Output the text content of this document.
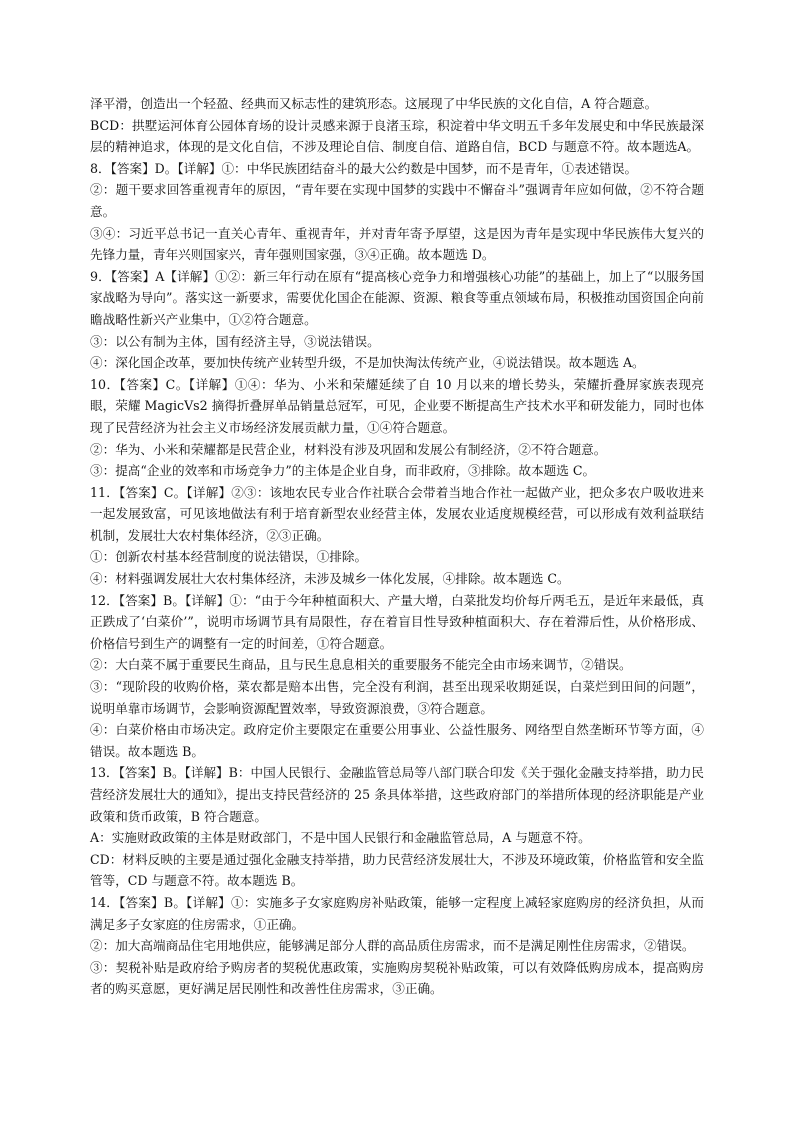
泽平滑，创造出一个轻盈、经典而又标志性的建筑形态。这展现了中华民族的文化自信，A 符合题意。

BCD：拱墅运河体育公园体育场的设计灵感来源于良渚玉琮，积淀着中华文明五千多年发展史和中华民族最深层的精神追求，体现的是文化自信，不涉及理论自信、制度自信、道路自信，BCD 与题意不符。故本题选A。

8．【答案】D。【详解】①：中华民族团结奋斗的最大公约数是中国梦，而不是青年，①表述错误。

②：题干要求回答重视青年的原因，“青年要在实现中国梦的实践中不懈奋斗”强调青年应如何做，②不符合题意。

③④：习近平总书记一直关心青年、重视青年，并对青年寄予厚望，这是因为青年是实现中华民族伟大复兴的先锋力量，青年兴则国家兴，青年强则国家强，③④正确。故本题选 D。

9．【答案】A【详解】①②：新三年行动在原有“提高核心竞争力和增强核心功能”的基础上，加上了“以服务国家战略为导向”。落实这一新要求，需要优化国企在能源、资源、粮食等重点领域布局，积极推动国资国企向前瞻战略性新兴产业集中，①②符合题意。

③：以公有制为主体，国有经济主导，③说法错误。

④：深化国企改革，要加快传统产业转型升级，不是加快淘汰传统产业，④说法错误。故本题选 A。

10．【答案】C。【详解】①④：华为、小米和荣耀延续了自 10 月以来的增长势头，荣耀折叠屏家族表现亮眼，荣耀 MagicVs2 摘得折叠屏单品销量总冠军，可见，企业要不断提高生产技术水平和研发能力，同时也体现了民营经济为社会主义市场经济发展贡献力量，①④符合题意。

②：华为、小米和荣耀都是民营企业，材料没有涉及巩固和发展公有制经济，②不符合题意。

③：提高“企业的效率和市场竞争力”的主体是企业自身，而非政府，③排除。故本题选 C。

11．【答案】C。【详解】②③：该地农民专业合作社联合会带着当地合作社一起做产业，把众多农户吸收进来一起发展致富，可见该地做法有利于培育新型农业经营主体，发展农业适度规模经营，可以形成有效利益联结机制，发展壮大农村集体经济，②③正确。

①：创新农村基本经营制度的说法错误，①排除。

④：材料强调发展壮大农村集体经济，未涉及城乡一体化发展，④排除。故本题选 C。

12．【答案】B。【详解】①：“由于今年种植面积大、产量大增，白菜批发均价每斤两毛五，是近年来最低，真正跌成了‘白菜价’”，说明市场调节具有局限性，存在着盲目性导致种植面积大、存在着滞后性，从价格形成、价格信号到生产的调整有一定的时间差，①符合题意。

②：大白菜不属于重要民生商品，且与民生息息相关的重要服务不能完全由市场来调节，②错误。

③：“现阶段的收购价格，菜农都是赔本出售，完全没有利润，甚至出现采收期延误，白菜烂到田间的问题”，说明单靠市场调节，会影响资源配置效率，导致资源浪费，③符合题意。

④：白菜价格由市场决定。政府定价主要限定在重要公用事业、公益性服务、网络型自然垄断环节等方面，④错误。故本题选 B。

13．【答案】B。【详解】B：中国人民银行、金融监管总局等八部门联合印发《关于强化金融支持举措，助力民营经济发展壮大的通知》，提出支持民营经济的 25 条具体举措，这些政府部门的举措所体现的经济职能是产业政策和货币政策，B 符合题意。

A：实施财政政策的主体是财政部门，不是中国人民银行和金融监管总局，A 与题意不符。

CD：材料反映的主要是通过强化金融支持举措，助力民营经济发展壮大，不涉及环境政策，价格监管和安全监管等，CD 与题意不符。故本题选 B。

14．【答案】B。【详解】①：实施多子女家庭购房补贴政策，能够一定程度上减轻家庭购房的经济负担，从而满足多子女家庭的住房需求，①正确。

②：加大高端商品住宅用地供应，能够满足部分人群的高品质住房需求，而不是满足刚性住房需求，②错误。

③：契税补贴是政府给予购房者的契税优惠政策，实施购房契税补贴政策，可以有效降低购房成本，提高购房者的购买意愿，更好满足居民刚性和改善性住房需求，③正确。
